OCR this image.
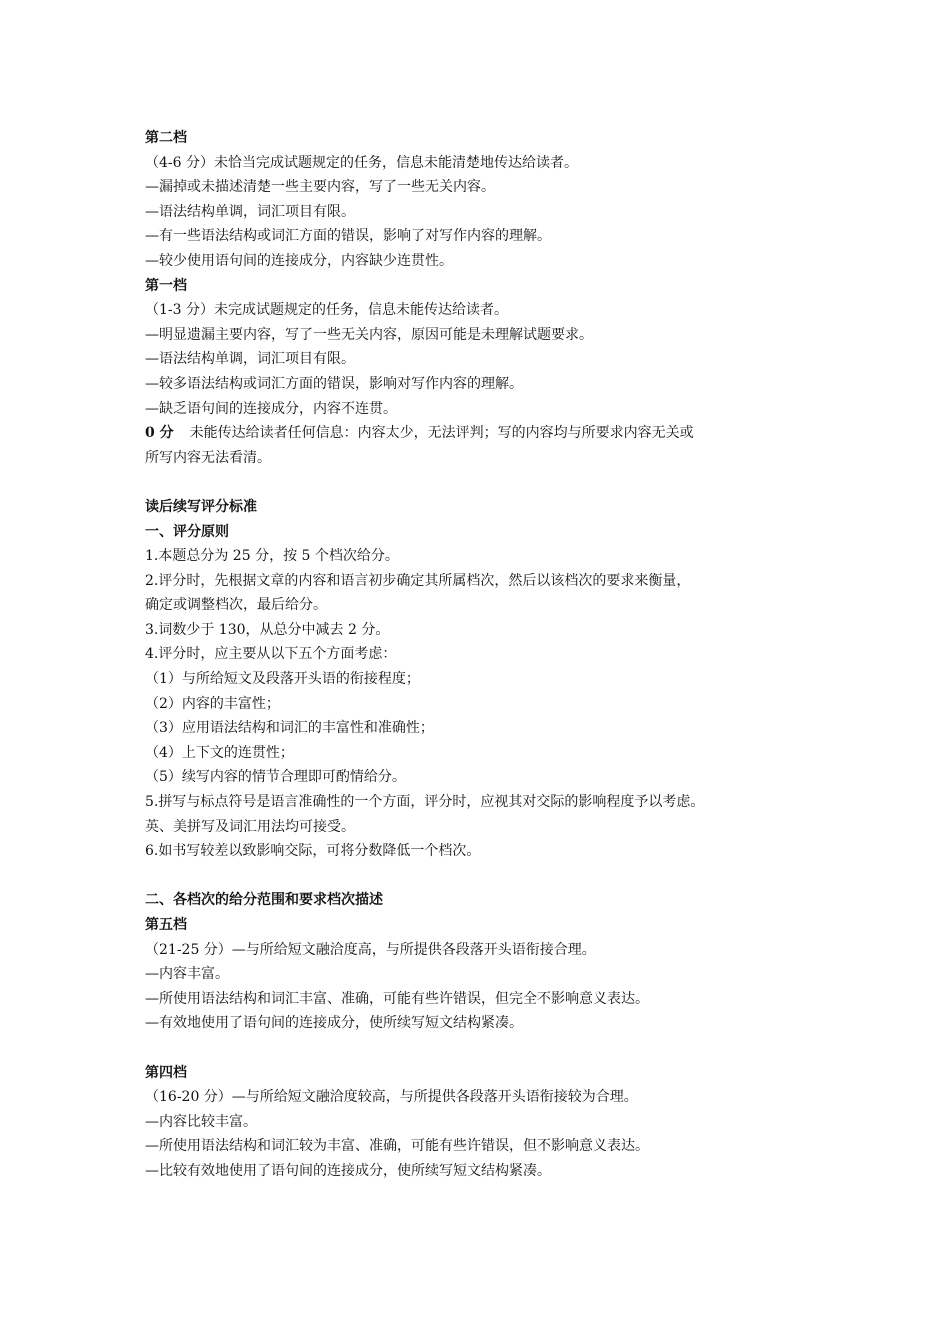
第二档
（4-6 分）未恰当完成试题规定的任务，信息未能清楚地传达给读者。
—漏掉或未描述清楚一些主要内容，写了一些无关内容。
—语法结构单调，词汇项目有限。
—有一些语法结构或词汇方面的错误，影响了对写作内容的理解。
—较少使用语句间的连接成分，内容缺少连贯性。
第一档
（1-3 分）未完成试题规定的任务，信息未能传达给读者。
—明显遗漏主要内容，写了一些无关内容，原因可能是未理解试题要求。
—语法结构单调，词汇项目有限。
—较多语法结构或词汇方面的错误，影响对写作内容的理解。
—缺乏语句间的连接成分，内容不连贯。
0 分 未能传达给读者任何信息：内容太少，无法评判；写的内容均与所要求内容无关或
所写内容无法看清。
读后续写评分标准
一、评分原则
1.本题总分为 25 分，按 5 个档次给分。
2.评分时，先根据文章的内容和语言初步确定其所属档次，然后以该档次的要求来衡量，
确定或调整档次，最后给分。
3.词数少于 130，从总分中减去 2 分。
4.评分时，应主要从以下五个方面考虑：
（1）与所给短文及段落开头语的衔接程度；
（2）内容的丰富性；
（3）应用语法结构和词汇的丰富性和准确性；
（4）上下文的连贯性；
（5）续写内容的情节合理即可酌情给分。
5.拼写与标点符号是语言准确性的一个方面，评分时，应视其对交际的影响程度予以考虑。
英、美拼写及词汇用法均可接受。
6.如书写较差以致影响交际，可将分数降低一个档次。
二、各档次的给分范围和要求档次描述
第五档
（21-25 分）—与所给短文融洽度高，与所提供各段落开头语衔接合理。
—内容丰富。
—所使用语法结构和词汇丰富、准确，可能有些许错误，但完全不影响意义表达。
—有效地使用了语句间的连接成分，使所续写短文结构紧凑。
第四档
（16-20 分）—与所给短文融洽度较高，与所提供各段落开头语衔接较为合理。
—内容比较丰富。
—所使用语法结构和词汇较为丰富、准确，可能有些许错误，但不影响意义表达。
—比较有效地使用了语句间的连接成分，使所续写短文结构紧凑。
